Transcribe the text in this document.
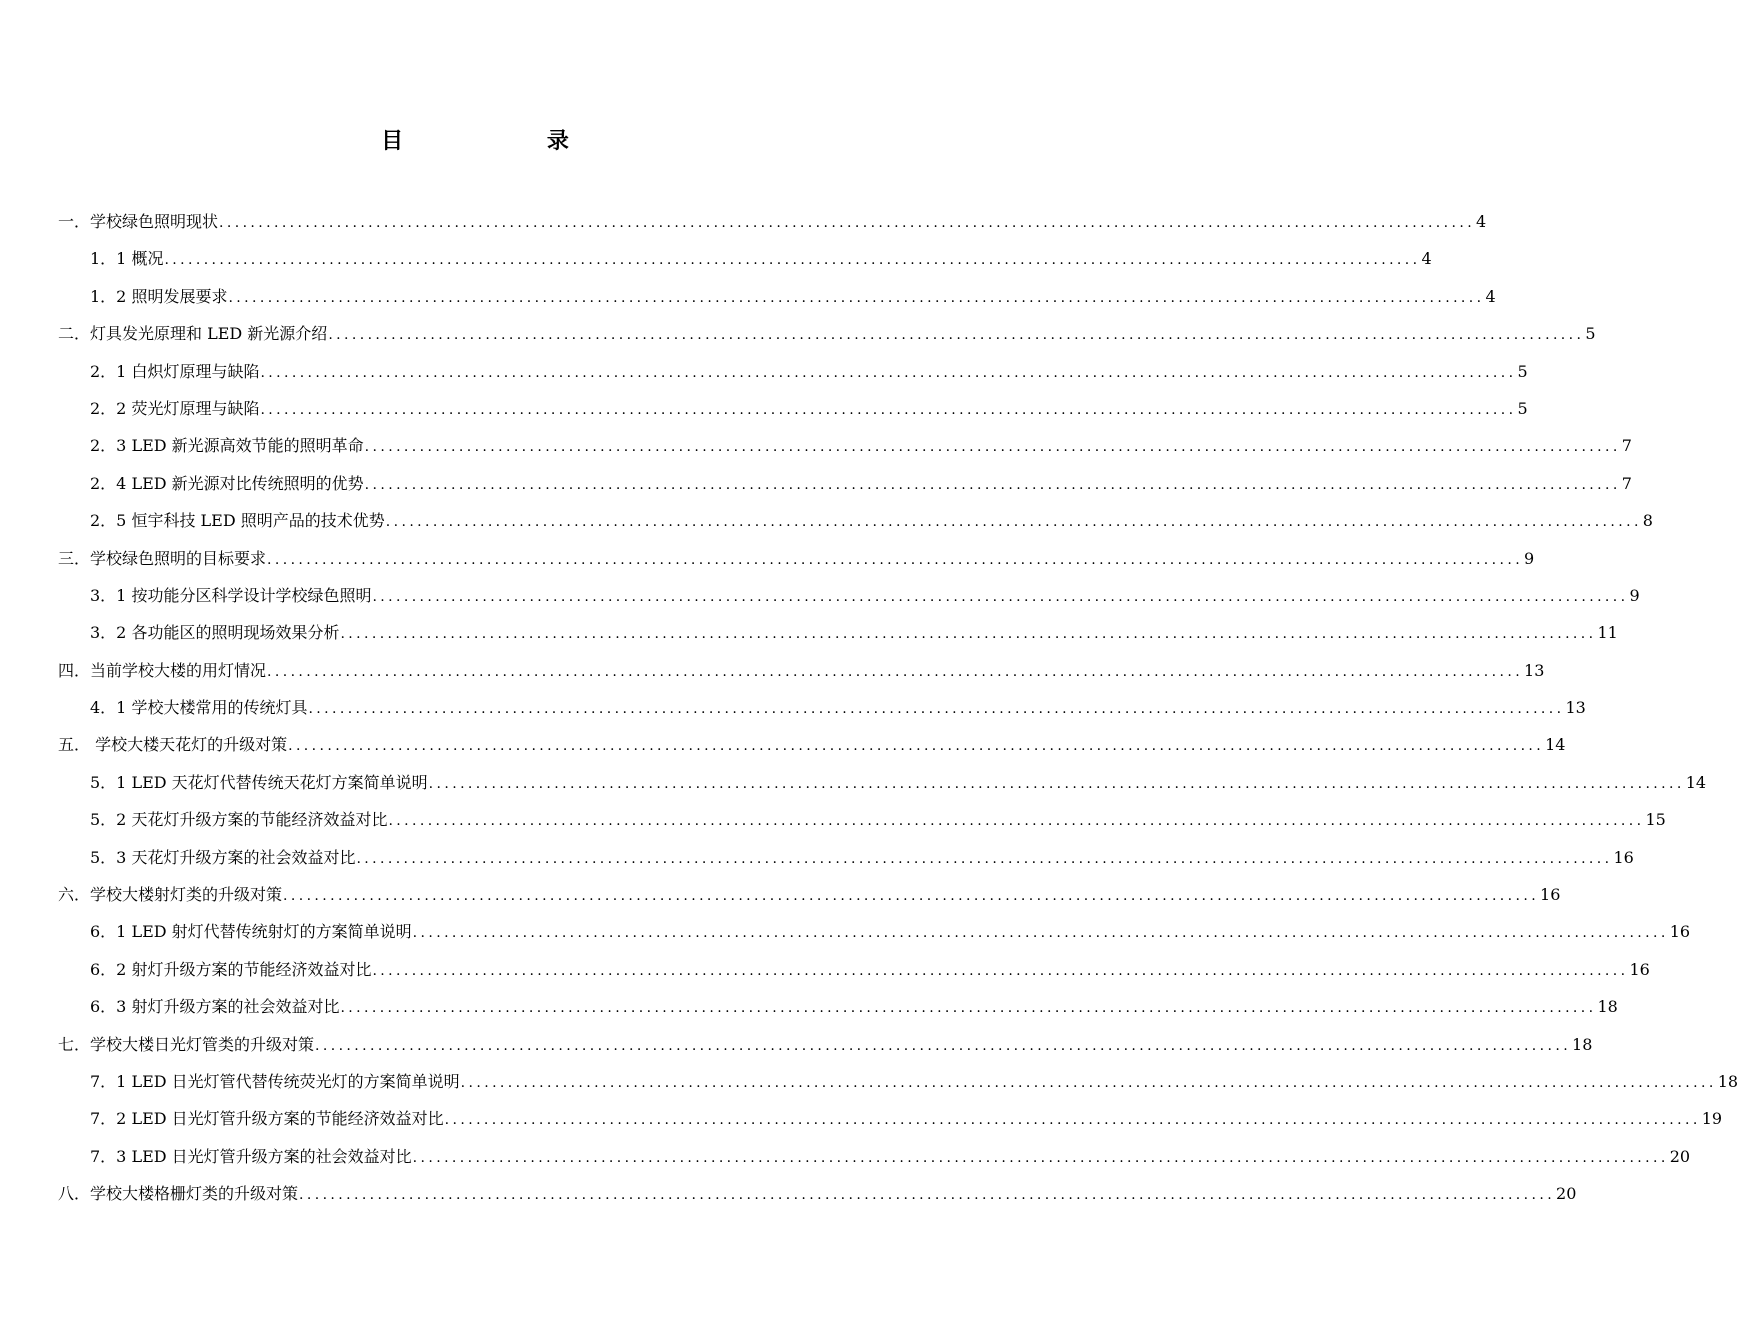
目 录
一．学校绿色照明现状 ................................................................................................................................................................ 4
1．1 概况 ................................................................................................................................................................ 4
1．2 照明发展要求 ................................................................................................................................................................ 4
二．灯具发光原理和 LED 新光源介绍 ................................................................................................................................................................ 5
2．1 白炽灯原理与缺陷 ................................................................................................................................................................ 5
2．2 荧光灯原理与缺陷 ................................................................................................................................................................ 5
2．3 LED 新光源高效节能的照明革命 ................................................................................................................................................................ 7
2．4 LED 新光源对比传统照明的优势 ................................................................................................................................................................ 7
2．5 恒宇科技 LED 照明产品的技术优势 ................................................................................................................................................................ 8
三．学校绿色照明的目标要求 ................................................................................................................................................................ 9
3．1 按功能分区科学设计学校绿色照明 ................................................................................................................................................................ 9
3．2 各功能区的照明现场效果分析 ................................................................................................................................................................ 11
四．当前学校大楼的用灯情况 ................................................................................................................................................................ 13
4．1 学校大楼常用的传统灯具 ................................................................................................................................................................ 13
五． 学校大楼天花灯的升级对策 ................................................................................................................................................................ 14
5．1 LED 天花灯代替传统天花灯方案简单说明 ................................................................................................................................................................ 14
5．2 天花灯升级方案的节能经济效益对比 ................................................................................................................................................................ 15
5．3 天花灯升级方案的社会效益对比 ................................................................................................................................................................ 16
六．学校大楼射灯类的升级对策 ................................................................................................................................................................ 16
6．1 LED 射灯代替传统射灯的方案简单说明 ................................................................................................................................................................ 16
6．2 射灯升级方案的节能经济效益对比 ................................................................................................................................................................ 16
6．3 射灯升级方案的社会效益对比 ................................................................................................................................................................ 18
七．学校大楼日光灯管类的升级对策 ................................................................................................................................................................ 18
7．1 LED 日光灯管代替传统荧光灯的方案简单说明 ................................................................................................................................................................ 18
7．2 LED 日光灯管升级方案的节能经济效益对比 ................................................................................................................................................................ 19
7．3 LED 日光灯管升级方案的社会效益对比 ................................................................................................................................................................ 20
八．学校大楼格栅灯类的升级对策 ................................................................................................................................................................ 20
